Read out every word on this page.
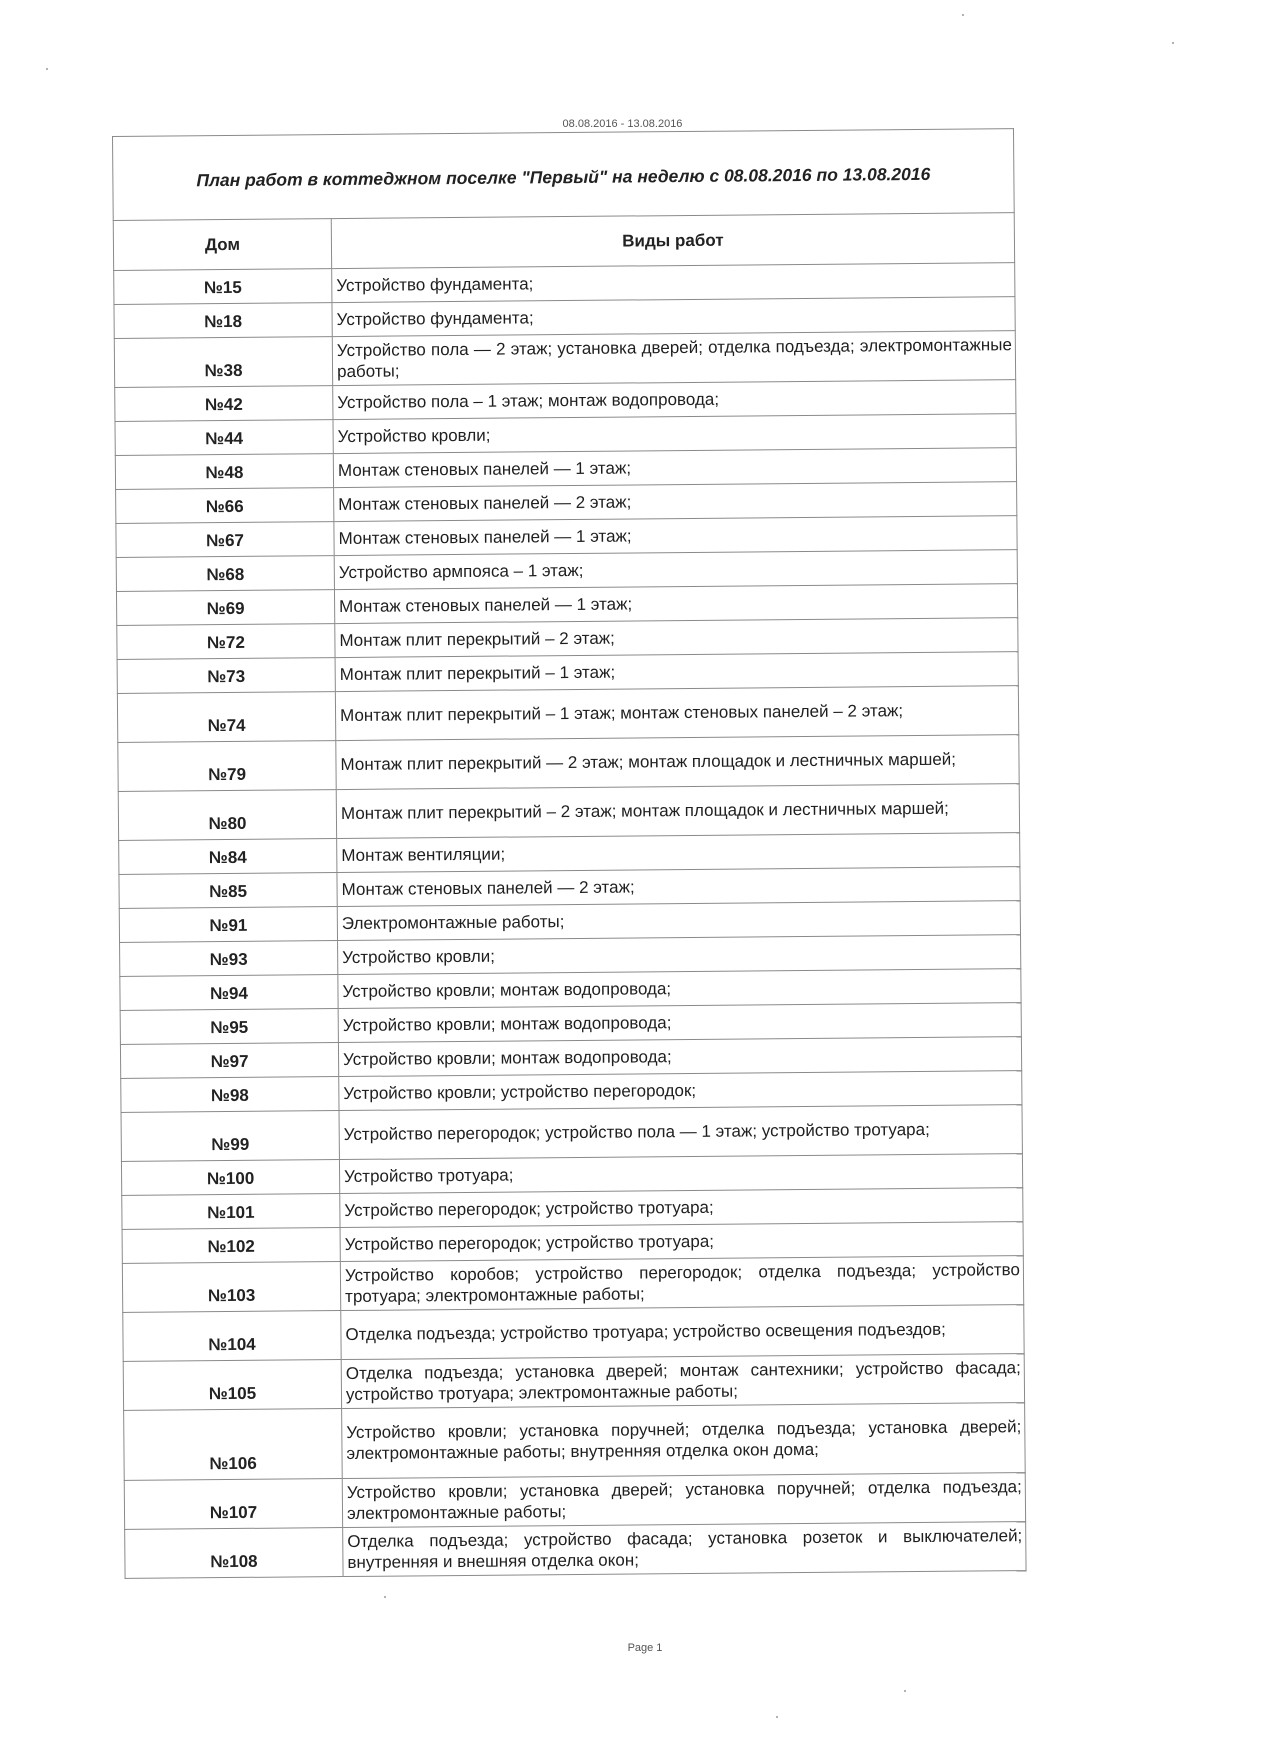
08.08.2016 - 13.08.2016
План работ в коттеджном поселке "Первый" на неделю с 08.08.2016 по 13.08.2016
Дом	Виды работ
№15	Устройство фундамента;
№18	Устройство фундамента;
№38	Устройство пола — 2 этаж; установка дверей; отделка подъезда; электромонтажные работы;
№42	Устройство пола – 1 этаж; монтаж водопровода;
№44	Устройство кровли;
№48	Монтаж стеновых панелей — 1 этаж;
№66	Монтаж стеновых панелей — 2 этаж;
№67	Монтаж стеновых панелей — 1 этаж;
№68	Устройство армпояса – 1 этаж;
№69	Монтаж стеновых панелей — 1 этаж;
№72	Монтаж плит перекрытий – 2 этаж;
№73	Монтаж плит перекрытий – 1 этаж;
№74	Монтаж плит перекрытий – 1 этаж; монтаж стеновых панелей – 2 этаж;
№79	Монтаж плит перекрытий — 2 этаж; монтаж площадок и лестничных маршей;
№80	Монтаж плит перекрытий – 2 этаж; монтаж площадок и лестничных маршей;
№84	Монтаж вентиляции;
№85	Монтаж стеновых панелей — 2 этаж;
№91	Электромонтажные работы;
№93	Устройство кровли;
№94	Устройство кровли; монтаж водопровода;
№95	Устройство кровли; монтаж водопровода;
№97	Устройство кровли; монтаж водопровода;
№98	Устройство кровли; устройство перегородок;
№99	Устройство перегородок; устройство пола — 1 этаж; устройство тротуара;
№100	Устройство тротуара;
№101	Устройство перегородок; устройство тротуара;
№102	Устройство перегородок; устройство тротуара;
№103	Устройство коробов; устройство перегородок; отделка подъезда; устройство тротуара; электромонтажные работы;
№104	Отделка подъезда; устройство тротуара; устройство освещения подъездов;
№105	Отделка подъезда; установка дверей; монтаж сантехники; устройство фасада; устройство тротуара; электромонтажные работы;
№106	Устройство кровли; установка поручней; отделка подъезда; установка дверей; электромонтажные работы; внутренняя отделка окон дома;
№107	Устройство кровли; установка дверей; установка поручней; отделка подъезда; электромонтажные работы;
№108	Отделка подъезда; устройство фасада; установка розеток и выключателей; внутренняя и внешняя отделка окон;
Page 1
